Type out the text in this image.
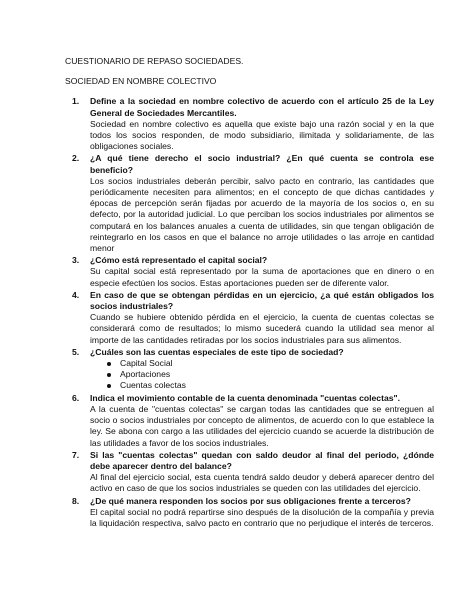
CUESTIONARIO DE REPASO SOCIEDADES.

SOCIEDAD EN NOMBRE COLECTIVO

1. Define a la sociedad en nombre colectivo de acuerdo con el artículo 25 de la Ley General de Sociedades Mercantiles.
Sociedad en nombre colectivo es aquella que existe bajo una razón social y en la que todos los socios responden, de modo subsidiario, ilimitada y solidariamente, de las obligaciones sociales.
2. ¿A qué tiene derecho el socio industrial? ¿En qué cuenta se controla ese beneficio?
Los socios industriales deberán percibir, salvo pacto en contrario, las cantidades que periódicamente necesiten para alimentos; en el concepto de que dichas cantidades y épocas de percepción serán fijadas por acuerdo de la mayoría de los socios o, en su defecto, por la autoridad judicial. Lo que perciban los socios industriales por alimentos se computará en los balances anuales a cuenta de utilidades, sin que tengan obligación de reintegrarlo en los casos en que el balance no arroje utilidades o las arroje en cantidad menor
3. ¿Cómo está representado el capital social?
Su capital social está representado por la suma de aportaciones que en dinero o en especie efectúen los socios. Estas aportaciones pueden ser de diferente valor.
4. En caso de que se obtengan pérdidas en un ejercicio, ¿a qué están obligados los socios industriales?
Cuando se hubiere obtenido pérdida en el ejercicio, la cuenta de cuentas colectas se considerará como de resultados; lo mismo sucederá cuando la utilidad sea menor al importe de las cantidades retiradas por los socios industriales para sus alimentos.
5. ¿Cuáles son las cuentas especiales de este tipo de sociedad?
Capital Social
Aportaciones
Cuentas colectas
6. Indica el movimiento contable de la cuenta denominada "cuentas colectas".
A la cuenta de "cuentas colectas" se cargan todas las cantidades que se entreguen al socio o socios industriales por concepto de alimentos, de acuerdo con lo que establece la ley. Se abona con cargo a las utilidades del ejercicio cuando se acuerde la distribución de las utilidades a favor de los socios industriales.
7. Si las "cuentas colectas" quedan con saldo deudor al final del periodo, ¿dónde debe aparecer dentro del balance?
Al final del ejercicio social, esta cuenta tendrá saldo deudor y deberá aparecer dentro del activo en caso de que los socios industriales se queden con las utilidades del ejercicio.
8. ¿De qué manera responden los socios por sus obligaciones frente a terceros?
El capital social no podrá repartirse sino después de la disolución de la compañía y previa la liquidación respectiva, salvo pacto en contrario que no perjudique el interés de terceros.
